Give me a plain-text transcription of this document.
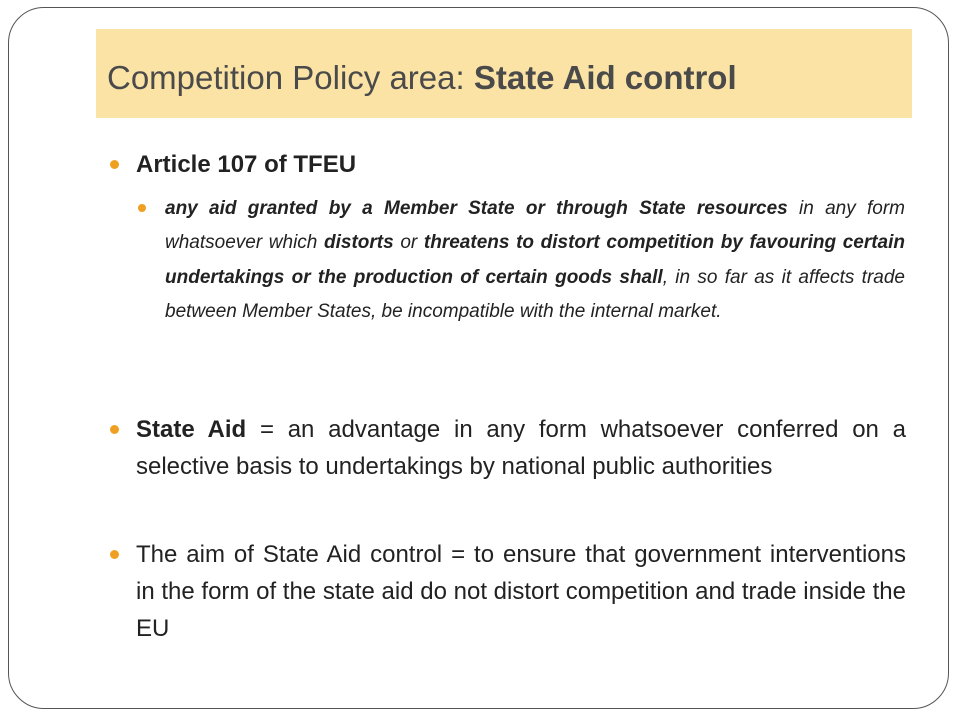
Competition Policy area: State Aid control

Article 107 of TFEU

any aid granted by a Member State or through State resources in any form whatsoever which distorts or threatens to distort competition by favouring certain undertakings or the production of certain goods shall, in so far as it affects trade between Member States, be incompatible with the internal market.

State Aid = an advantage in any form whatsoever conferred on a selective basis to undertakings by national public authorities

The aim of State Aid control = to ensure that government interventions in the form of the state aid do not distort competition and trade inside the EU
